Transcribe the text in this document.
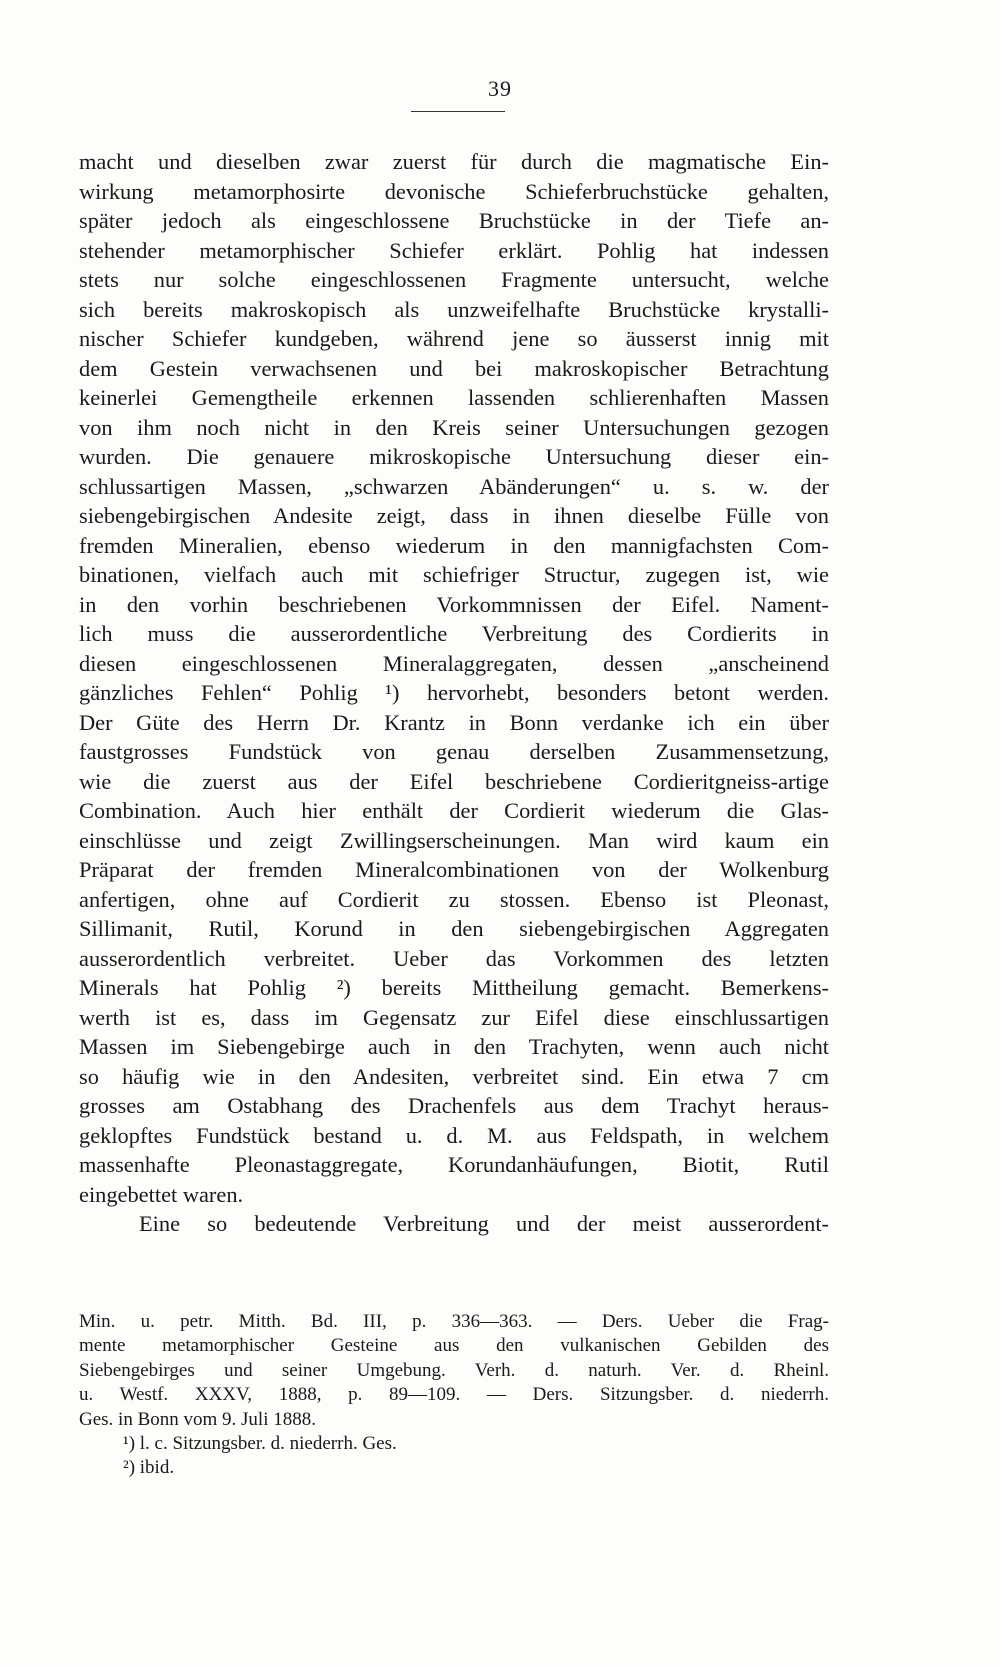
39
macht und dieselben zwar zuerst für durch die magmatische Ein-
wirkung metamorphosirte devonische Schieferbruchstücke gehalten,
später jedoch als eingeschlossene Bruchstücke in der Tiefe an-
stehender metamorphischer Schiefer erklärt. Pohlig hat indessen
stets nur solche eingeschlossenen Fragmente untersucht, welche
sich bereits makroskopisch als unzweifelhafte Bruchstücke krystalli-
nischer Schiefer kundgeben, während jene so äusserst innig mit
dem Gestein verwachsenen und bei makroskopischer Betrachtung
keinerlei Gemengtheile erkennen lassenden schlierenhaften Massen
von ihm noch nicht in den Kreis seiner Untersuchungen gezogen
wurden. Die genauere mikroskopische Untersuchung dieser ein-
schlussartigen Massen, „schwarzen Abänderungen“ u. s. w. der
siebengebirgischen Andesite zeigt, dass in ihnen dieselbe Fülle von
fremden Mineralien, ebenso wiederum in den mannigfachsten Com-
binationen, vielfach auch mit schiefriger Structur, zugegen ist, wie
in den vorhin beschriebenen Vorkommnissen der Eifel. Nament-
lich muss die ausserordentliche Verbreitung des Cordierits in
diesen eingeschlossenen Mineralaggregaten, dessen „anscheinend
gänzliches Fehlen“ Pohlig ¹) hervorhebt, besonders betont werden.
Der Güte des Herrn Dr. Krantz in Bonn verdanke ich ein über
faustgrosses Fundstück von genau derselben Zusammensetzung,
wie die zuerst aus der Eifel beschriebene Cordieritgneiss-artige
Combination. Auch hier enthält der Cordierit wiederum die Glas-
einschlüsse und zeigt Zwillingserscheinungen. Man wird kaum ein
Präparat der fremden Mineralcombinationen von der Wolkenburg
anfertigen, ohne auf Cordierit zu stossen. Ebenso ist Pleonast,
Sillimanit, Rutil, Korund in den siebengebirgischen Aggregaten
ausserordentlich verbreitet. Ueber das Vorkommen des letzten
Minerals hat Pohlig ²) bereits Mittheilung gemacht. Bemerkens-
werth ist es, dass im Gegensatz zur Eifel diese einschlussartigen
Massen im Siebengebirge auch in den Trachyten, wenn auch nicht
so häufig wie in den Andesiten, verbreitet sind. Ein etwa 7 cm
grosses am Ostabhang des Drachenfels aus dem Trachyt heraus-
geklopftes Fundstück bestand u. d. M. aus Feldspath, in welchem
massenhafte Pleonastaggregate, Korundanhäufungen, Biotit, Rutil
eingebettet waren.
Eine so bedeutende Verbreitung und der meist ausserordent-
Min. u. petr. Mitth. Bd. III, p. 336—363. — Ders. Ueber die Frag-
mente metamorphischer Gesteine aus den vulkanischen Gebilden des
Siebengebirges und seiner Umgebung. Verh. d. naturh. Ver. d. Rheinl.
u. Westf. XXXV, 1888, p. 89—109. — Ders. Sitzungsber. d. niederrh.
Ges. in Bonn vom 9. Juli 1888.
¹) l. c. Sitzungsber. d. niederrh. Ges.
²) ibid.
